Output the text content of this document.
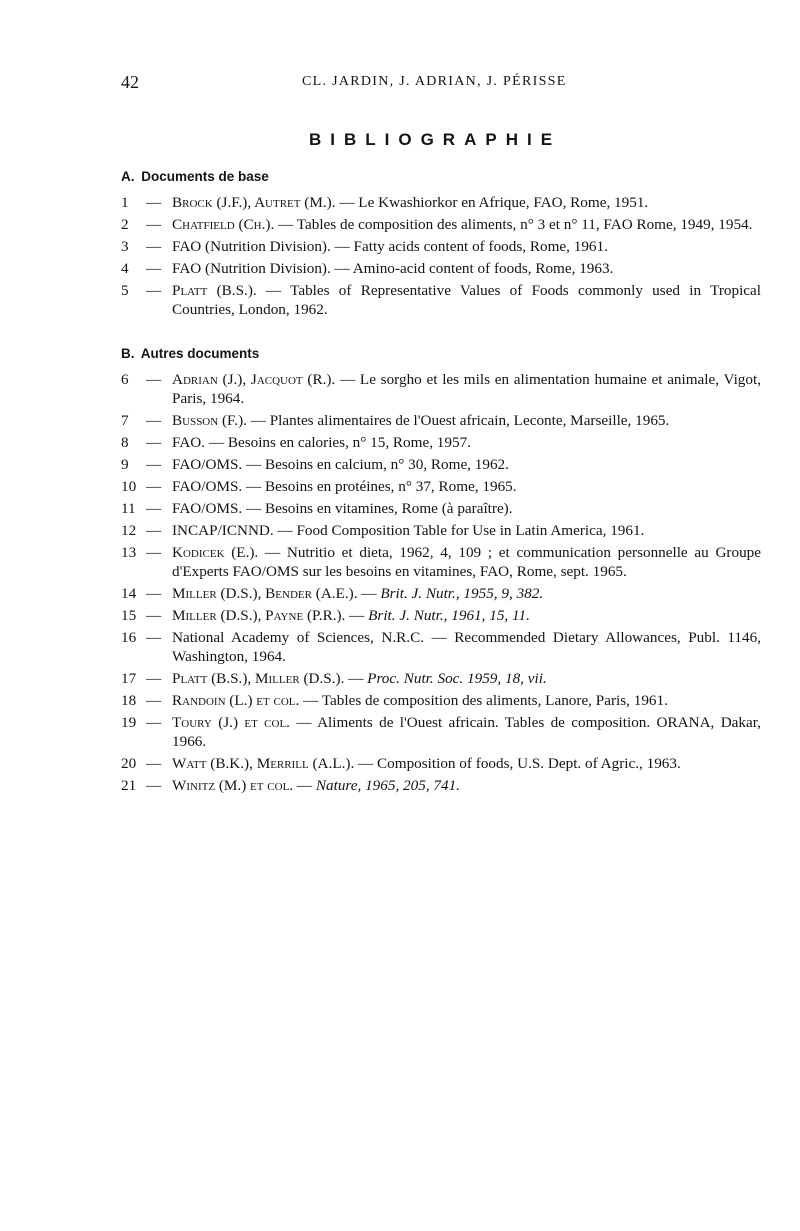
42	CL. JARDIN, J. ADRIAN, J. PÉRISSE
BIBLIOGRAPHIE
A. Documents de base
1	— Brock (J.F.), Autret (M.). — Le Kwashiorkor en Afrique, FAO, Rome, 1951.
2	— Chatfield (Ch.). — Tables de composition des aliments, n° 3 et n° 11, FAO Rome, 1949, 1954.
3	— FAO (Nutrition Division). — Fatty acids content of foods, Rome, 1961.
4	— FAO (Nutrition Division). — Amino-acid content of foods, Rome, 1963.
5	— Platt (B.S.). — Tables of Representative Values of Foods commonly used in Tropical Countries, London, 1962.
B. Autres documents
6	— Adrian (J.), Jacquot (R.). — Le sorgho et les mils en alimentation humaine et animale, Vigot, Paris, 1964.
7	— Busson (F.). — Plantes alimentaires de l'Ouest africain, Leconte, Marseille, 1965.
8	— FAO. — Besoins en calories, n° 15, Rome, 1957.
9	— FAO/OMS. — Besoins en calcium, n° 30, Rome, 1962.
10 — FAO/OMS. — Besoins en protéines, n° 37, Rome, 1965.
11 — FAO/OMS. — Besoins en vitamines, Rome (à paraître).
12 — INCAP/ICNND. — Food Composition Table for Use in Latin America, 1961.
13 — Kodicek (E.). — Nutritio et dieta, 1962, 4, 109 ; et communication personnelle au Groupe d'Experts FAO/OMS sur les besoins en vitamines, FAO, Rome, sept. 1965.
14 — Miller (D.S.), Bender (A.E.). — Brit. J. Nutr., 1955, 9, 382.
15 — Miller (D.S.), Payne (P.R.). — Brit. J. Nutr., 1961, 15, 11.
16 — National Academy of Sciences, N.R.C. — Recommended Dietary Allowances, Publ. 1146, Washington, 1964.
17 — Platt (B.S.), Miller (D.S.). — Proc. Nutr. Soc. 1959, 18, vii.
18 — Randoin (L.) et col. — Tables de composition des aliments, Lanore, Paris, 1961.
19 — Toury (J.) et col. — Aliments de l'Ouest africain. Tables de composition. ORANA, Dakar, 1966.
20 — Watt (B.K.), Merrill (A.L.). — Composition of foods, U.S. Dept. of Agric., 1963.
21 — Winitz (M.) et col. — Nature, 1965, 205, 741.
